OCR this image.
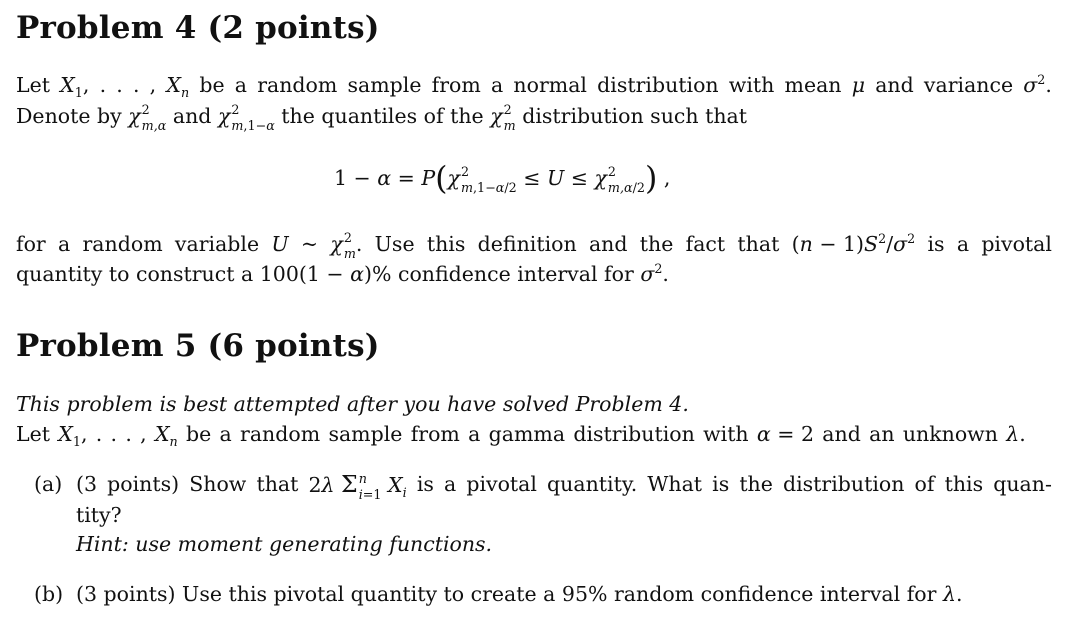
Problem 4 (2 points)
Let $X_1$, . . . , $X_n$ be a random sample from a normal distribution with mean μ and variance $\sigma^2$.
Denote by χ 2
m,α and χ 2
m,1−α the quantiles of the χ 2
m distribution such that
1 − α = P(χ 2
m,1−α/2 ≤ U ≤ χ 2
m,α/2 ) ,
for a random variable U ~ χ 2
m . Use this definition and the fact that $(n - 1)S^2/\sigma^2$ is a pivotal
quantity to construct a 100(1 − α)% confidence interval for $\sigma^2$.
Problem 5 (6 points)
This problem is best attempted after you have solved Problem 4.
Let $X_1$, . . . , $X_n$ be a random sample from a gamma distribution with α = 2 and an unknown λ.
(a) (3 points) Show that 2λ Σ n
i=1 $X_i$ is a pivotal quantity. What is the distribution of this quan-
tity?
Hint: use moment generating functions.
(b) (3 points) Use this pivotal quantity to create a 95% random confidence interval for λ.
